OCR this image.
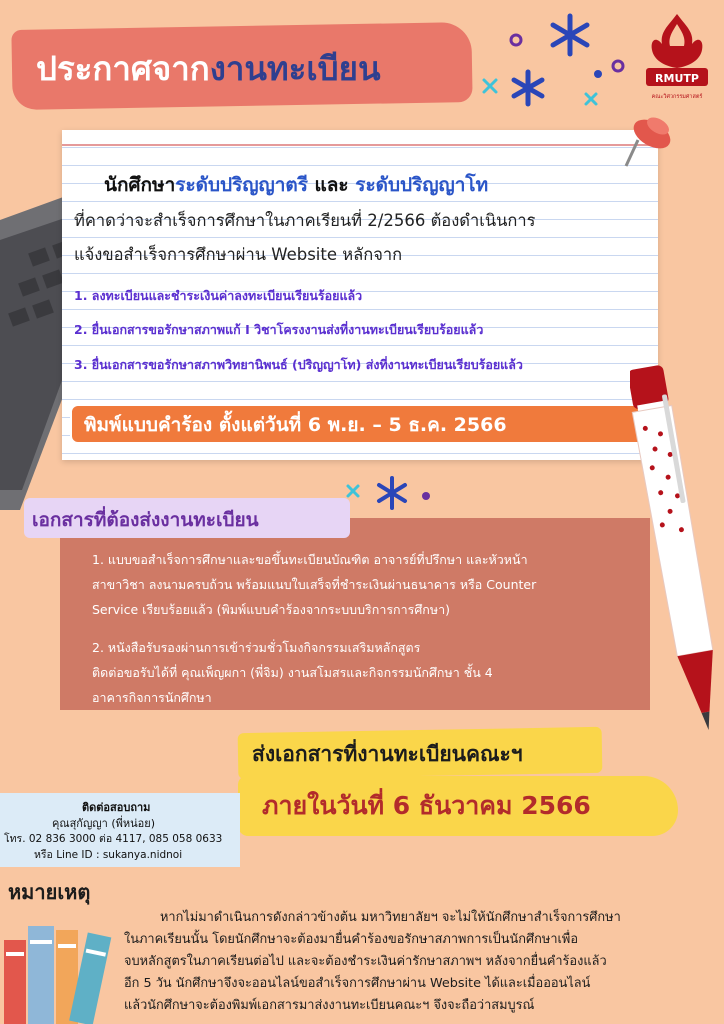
ประกาศจากงานทะเบียน	RMUTP
คณะวิศวกรรมศาสตร์
นักศึกษาระดับปริญญาตรี และ ระดับปริญญาโท
ที่คาดว่าจะสำเร็จการศึกษาในภาคเรียนที่ 2/2566 ต้องดำเนินการ
แจ้งขอสำเร็จการศึกษาผ่าน Website หลักจาก
1. ลงทะเบียนและชำระเงินค่าลงทะเบียนเรียนร้อยแล้ว
2. ยื่นเอกสารขอรักษาสภาพแก้ I วิชาโครงงานส่งที่งานทะเบียนเรียบร้อยแล้ว
3. ยื่นเอกสารขอรักษาสภาพวิทยานิพนธ์ (ปริญญาโท) ส่งที่งานทะเบียนเรียบร้อยแล้ว
พิมพ์แบบคำร้อง ตั้งแต่วันที่ 6 พ.ย. – 5 ธ.ค. 2566
เอกสารที่ต้องส่งงานทะเบียน
1. แบบขอสำเร็จการศึกษาและขอขึ้นทะเบียนบัณฑิต อาจารย์ที่ปรึกษา และหัวหน้า
สาขาวิชา ลงนามครบถ้วน พร้อมแนบใบเสร็จที่ชำระเงินผ่านธนาคาร หรือ Counter
Service เรียบร้อยแล้ว (พิมพ์แบบคำร้องจากระบบบริการการศึกษา)
2. หนังสือรับรองผ่านการเข้าร่วมชั่วโมงกิจกรรมเสริมหลักสูตร
ติดต่อขอรับได้ที่ คุณเพ็ญผกา (พี่จิม) งานสโมสรและกิจกรรมนักศึกษา ชั้น 4
อาคารกิจการนักศึกษา
ส่งเอกสารที่งานทะเบียนคณะฯ
ภายในวันที่ 6 ธันวาคม 2566
ติดต่อสอบถาม
คุณสุกัญญา (พี่หน่อย)
โทร. 02 836 3000 ต่อ 4117, 085 058 0633
หรือ Line ID : sukanya.nidnoi
หมายเหตุ
หากไม่มาดำเนินการดังกล่าวข้างต้น มหาวิทยาลัยฯ จะไม่ให้นักศึกษาสำเร็จการศึกษา
ในภาคเรียนนั้น โดยนักศึกษาจะต้องมายื่นคำร้องขอรักษาสภาพการเป็นนักศึกษาเพื่อ
จบหลักสูตรในภาคเรียนต่อไป และจะต้องชำระเงินค่ารักษาสภาพฯ หลังจากยื่นคำร้องแล้ว
อีก 5 วัน นักศึกษาจึงจะออนไลน์ขอสำเร็จการศึกษาผ่าน Website ได้และเมื่อออนไลน์
แล้วนักศึกษาจะต้องพิมพ์เอกสารมาส่งงานทะเบียนคณะฯ จึงจะถือว่าสมบูรณ์
